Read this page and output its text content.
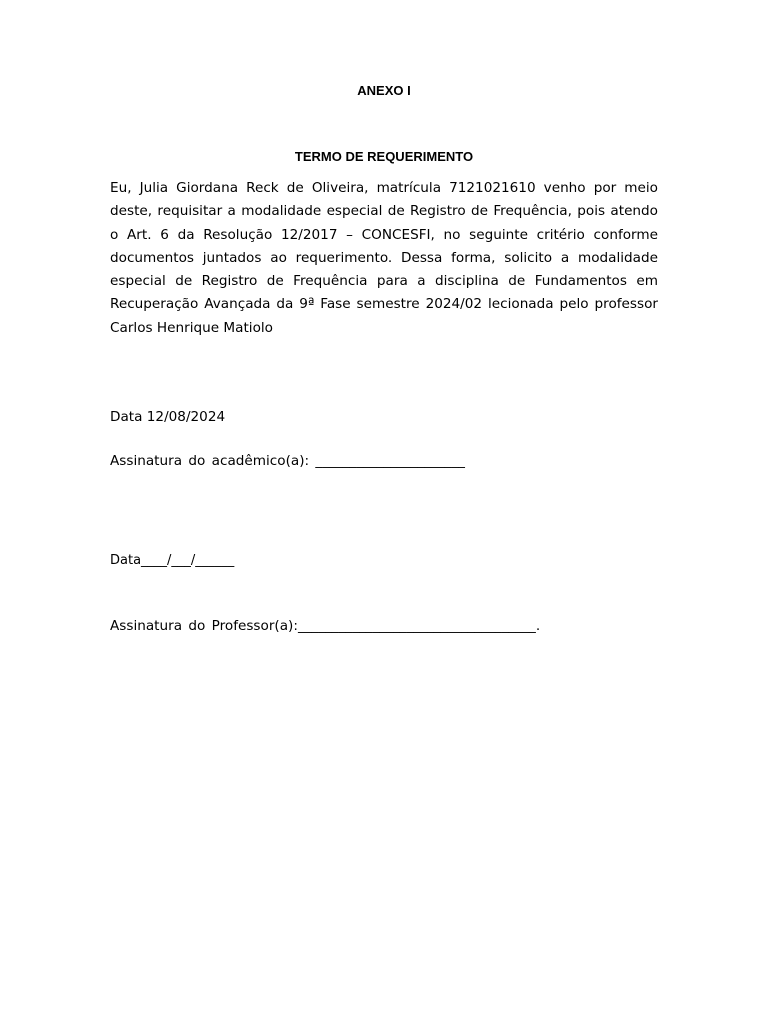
ANEXO I
TERMO DE REQUERIMENTO

Eu, Julia Giordana Reck de Oliveira, matrícula 7121021610 venho por meio deste, requisitar a modalidade especial de Registro de Frequência, pois atendo o Art. 6 da Resolução 12/2017 – CONCESFI, no seguinte critério conforme documentos juntados ao requerimento. Dessa forma, solicito a modalidade especial de Registro de Frequência para a disciplina de Fundamentos em Recuperação Avançada da 9ª Fase semestre 2024/02 lecionada pelo professor Carlos Henrique Matiolo

Data 12/08/2024

Assinatura do acadêmico(a): ______________________

Data____/___/______

Assinatura do Professor(a):___________________________________.
